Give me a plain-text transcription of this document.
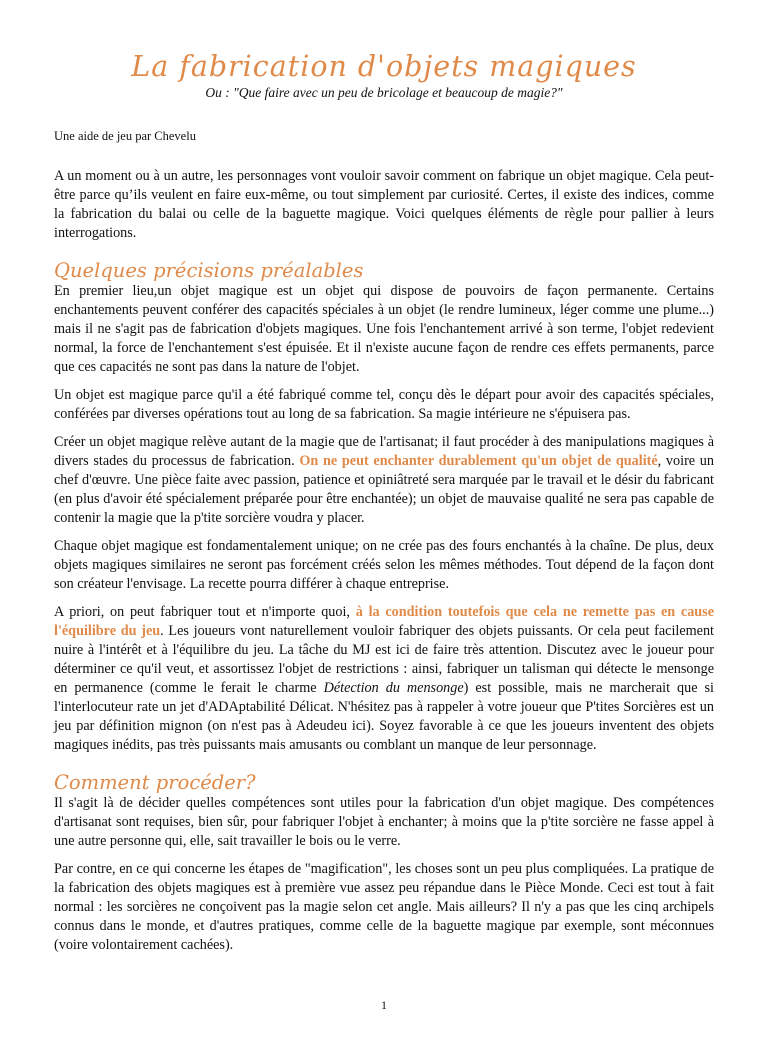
La fabrication d'objets magiques
Ou : "Que faire avec un peu de bricolage et beaucoup de magie?"
Une aide de jeu par Chevelu

A un moment ou à un autre, les personnages vont vouloir savoir comment on fabrique un objet magique. Cela peut-être parce qu’ils veulent en faire eux-même, ou tout simplement par curiosité. Certes, il existe des indices, comme la fabrication du balai ou celle de la baguette magique. Voici quelques éléments de règle pour pallier à leurs interrogations.

Quelques précisions préalables

En premier lieu,un objet magique est un objet qui dispose de pouvoirs de façon permanente. Certains enchantements peuvent conférer des capacités spéciales à un objet (le rendre lumineux, léger comme une plume...) mais il ne s'agit pas de fabrication d'objets magiques. Une fois l'enchantement arrivé à son terme, l'objet redevient normal, la force de l'enchantement s'est épuisée. Et il n'existe aucune façon de rendre ces effets permanents, parce que ces capacités ne sont pas dans la nature de l'objet.

Un objet est magique parce qu'il a été fabriqué comme tel, conçu dès le départ pour avoir des capacités spéciales, conférées par diverses opérations tout au long de sa fabrication. Sa magie intérieure ne s'épuisera pas.

Créer un objet magique relève autant de la magie que de l'artisanat; il faut procéder à des manipulations magiques à divers stades du processus de fabrication. On ne peut enchanter durablement qu'un objet de qualité, voire un chef d'œuvre. Une pièce faite avec passion, patience et opiniâtreté sera marquée par le travail et le désir du fabricant (en plus d'avoir été spécialement préparée pour être enchantée); un objet de mauvaise qualité ne sera pas capable de contenir la magie que la p'tite sorcière voudra y placer.

Chaque objet magique est fondamentalement unique; on ne crée pas des fours enchantés à la chaîne. De plus, deux objets magiques similaires ne seront pas forcément créés selon les mêmes méthodes. Tout dépend de la façon dont son créateur l'envisage. La recette pourra différer à chaque entreprise.

A priori, on peut fabriquer tout et n'importe quoi, à la condition toutefois que cela ne remette pas en cause l'équilibre du jeu. Les joueurs vont naturellement vouloir fabriquer des objets puissants. Or cela peut facilement nuire à l'intérêt et à l'équilibre du jeu. La tâche du MJ est ici de faire très attention. Discutez avec le joueur pour déterminer ce qu'il veut, et assortissez l'objet de restrictions : ainsi, fabriquer un talisman qui détecte le mensonge en permanence (comme le ferait le charme Détection du mensonge) est possible, mais ne marcherait que si l'interlocuteur rate un jet d'ADAptabilité Délicat. N'hésitez pas à rappeler à votre joueur que P'tites Sorcières est un jeu par définition mignon (on n'est pas à Adeudeu ici). Soyez favorable à ce que les joueurs inventent des objets magiques inédits, pas très puissants mais amusants ou comblant un manque de leur personnage.

Comment procéder?

Il s'agit là de décider quelles compétences sont utiles pour la fabrication d'un objet magique. Des compétences d'artisanat sont requises, bien sûr, pour fabriquer l'objet à enchanter; à moins que la p'tite sorcière ne fasse appel à une autre personne qui, elle, sait travailler le bois ou le verre.

Par contre, en ce qui concerne les étapes de "magification", les choses sont un peu plus compliquées. La pratique de la fabrication des objets magiques est à première vue assez peu répandue dans le Pièce Monde. Ceci est tout à fait normal : les sorcières ne conçoivent pas la magie selon cet angle. Mais ailleurs? Il n'y a pas que les cinq archipels connus dans le monde, et d'autres pratiques, comme celle de la baguette magique par exemple, sont méconnues (voire volontairement cachées).

1
